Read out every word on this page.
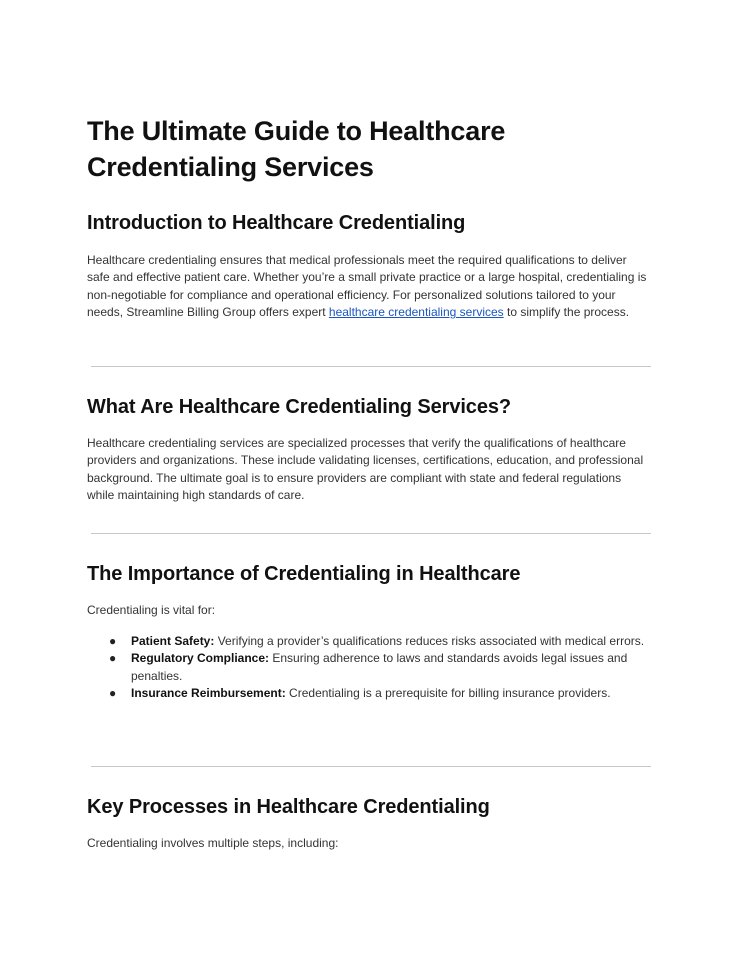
The Ultimate Guide to Healthcare Credentialing Services
Introduction to Healthcare Credentialing

Healthcare credentialing ensures that medical professionals meet the required qualifications to deliver safe and effective patient care. Whether you’re a small private practice or a large hospital, credentialing is non-negotiable for compliance and operational efficiency. For personalized solutions tailored to your needs, Streamline Billing Group offers expert healthcare credentialing services to simplify the process.

What Are Healthcare Credentialing Services?

Healthcare credentialing services are specialized processes that verify the qualifications of healthcare providers and organizations. These include validating licenses, certifications, education, and professional background. The ultimate goal is to ensure providers are compliant with state and federal regulations while maintaining high standards of care.

The Importance of Credentialing in Healthcare

Credentialing is vital for:

● Patient Safety: Verifying a provider’s qualifications reduces risks associated with medical errors.
● Regulatory Compliance: Ensuring adherence to laws and standards avoids legal issues and penalties.
● Insurance Reimbursement: Credentialing is a prerequisite for billing insurance providers.
Key Processes in Healthcare Credentialing

Credentialing involves multiple steps, including:
